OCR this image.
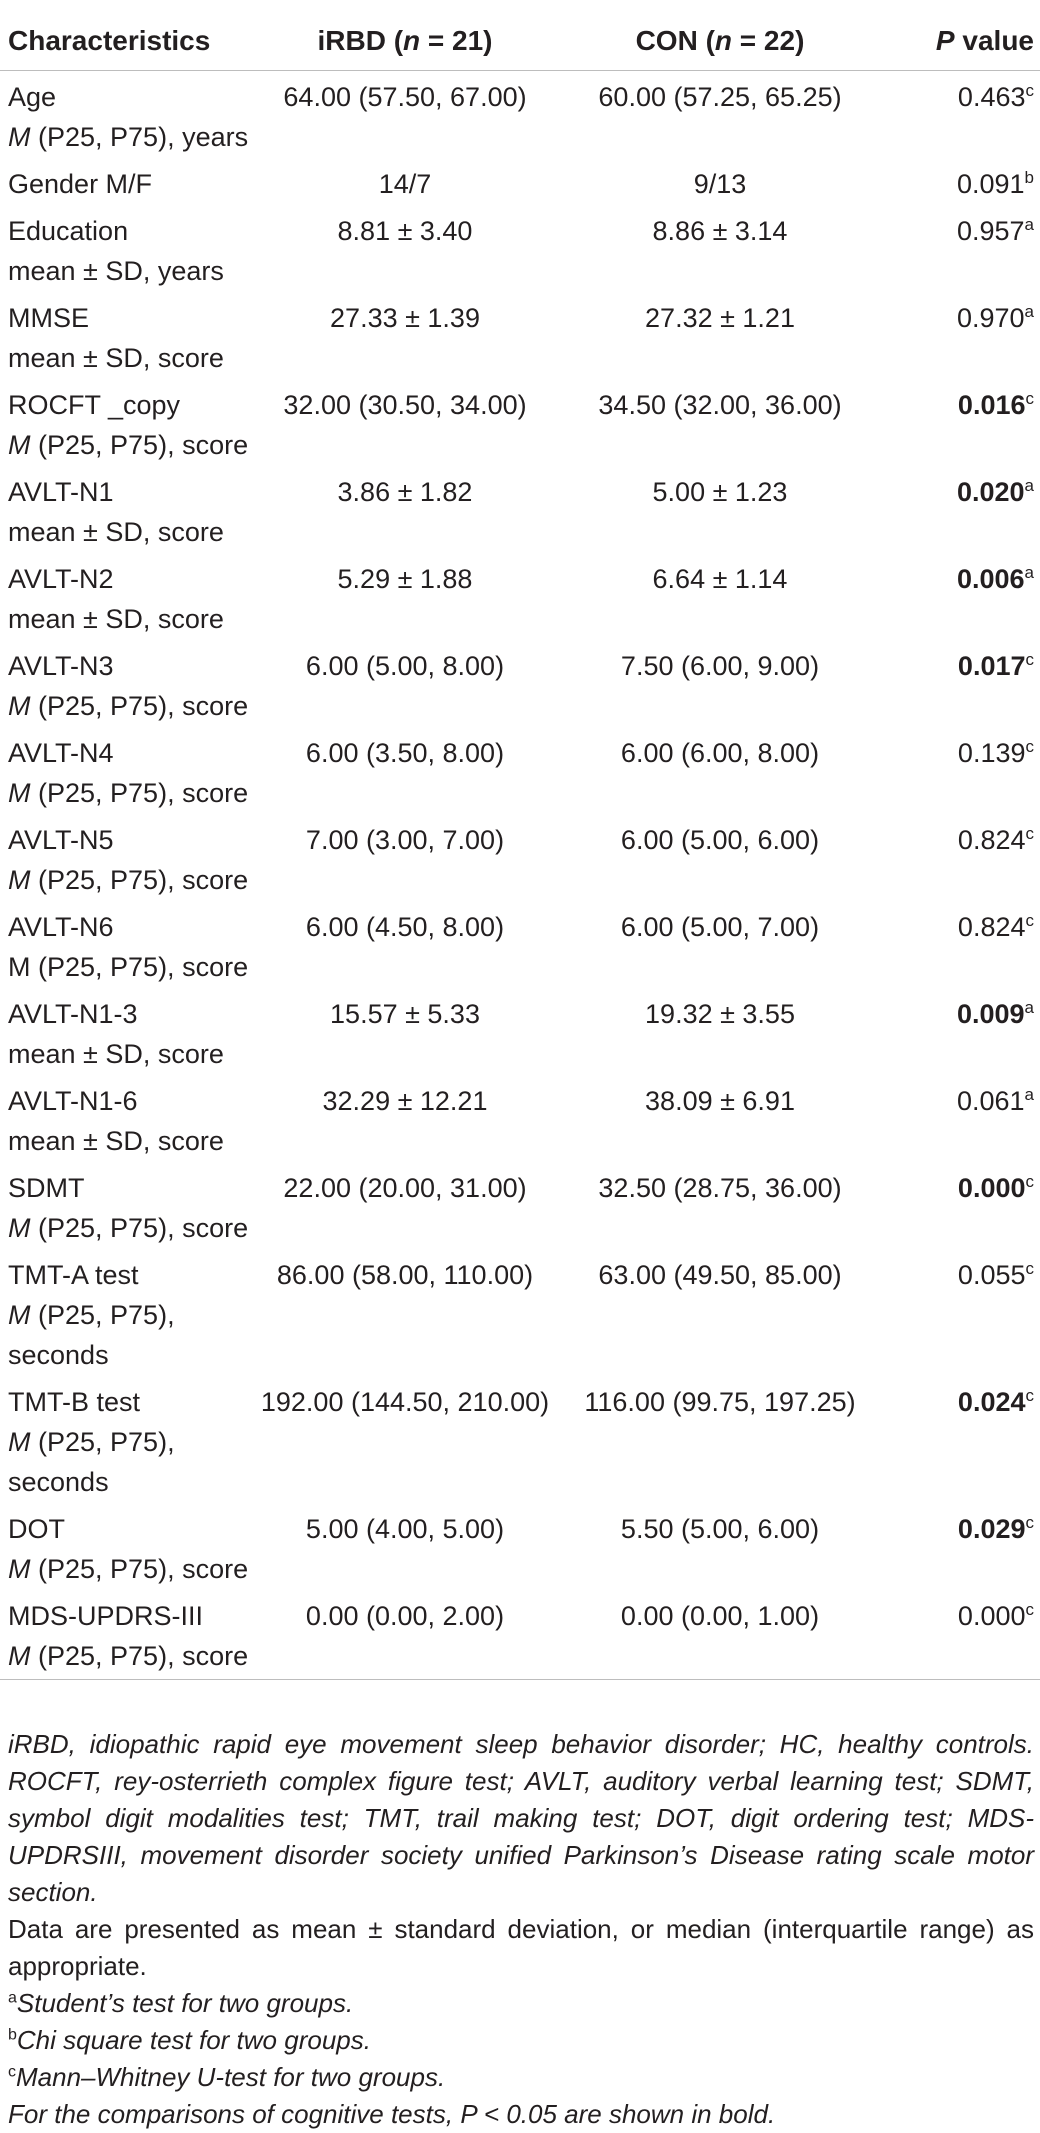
Characteristics	iRBD (n = 21)	CON (n = 22)	P value
Age
M (P25, P75), years	64.00 (57.50, 67.00)	60.00 (57.25, 65.25)	0.463$^c$
Gender M/F	14/7	9/13	0.091$^b$
Education
mean ± SD, years	8.81 ± 3.40	8.86 ± 3.14	0.957$^a$
MMSE
mean ± SD, score	27.33 ± 1.39	27.32 ± 1.21	0.970$^a$
ROCFT _copy
M (P25, P75), score	32.00 (30.50, 34.00)	34.50 (32.00, 36.00)	0.016$^c$
AVLT-N1
mean ± SD, score	3.86 ± 1.82	5.00 ± 1.23	0.020$^a$
AVLT-N2
mean ± SD, score	5.29 ± 1.88	6.64 ± 1.14	0.006$^a$
AVLT-N3
M (P25, P75), score	6.00 (5.00, 8.00)	7.50 (6.00, 9.00)	0.017$^c$
AVLT-N4
M (P25, P75), score	6.00 (3.50, 8.00)	6.00 (6.00, 8.00)	0.139$^c$
AVLT-N5
M (P25, P75), score	7.00 (3.00, 7.00)	6.00 (5.00, 6.00)	0.824$^c$
AVLT-N6
M (P25, P75), score	6.00 (4.50, 8.00)	6.00 (5.00, 7.00)	0.824$^c$
AVLT-N1-3
mean ± SD, score	15.57 ± 5.33	19.32 ± 3.55	0.009$^a$
AVLT-N1-6
mean ± SD, score	32.29 ± 12.21	38.09 ± 6.91	0.061$^a$
SDMT
M (P25, P75), score	22.00 (20.00, 31.00)	32.50 (28.75, 36.00)	0.000$^c$
TMT-A test
M (P25, P75),
seconds	86.00 (58.00, 110.00)	63.00 (49.50, 85.00)	0.055$^c$
TMT-B test
M (P25, P75),
seconds	192.00 (144.50, 210.00)	116.00 (99.75, 197.25)	0.024$^c$
DOT
M (P25, P75), score	5.00 (4.00, 5.00)	5.50 (5.00, 6.00)	0.029$^c$
MDS-UPDRS-III
M (P25, P75), score	0.00 (0.00, 2.00)	0.00 (0.00, 1.00)	0.000$^c$

iRBD, idiopathic rapid eye movement sleep behavior disorder; HC, healthy controls. ROCFT, rey-osterrieth complex figure test; AVLT, auditory verbal learning test; SDMT, symbol digit modalities test; TMT, trail making test; DOT, digit ordering test; MDS-UPDRSIII, movement disorder society unified Parkinson’s Disease rating scale motor section.

Data are presented as mean ± standard deviation, or median (interquartile range) as appropriate.

$^a$Student’s test for two groups.

$^b$Chi square test for two groups.

$^c$Mann–Whitney U-test for two groups.

For the comparisons of cognitive tests, P < 0.05 are shown in bold.
